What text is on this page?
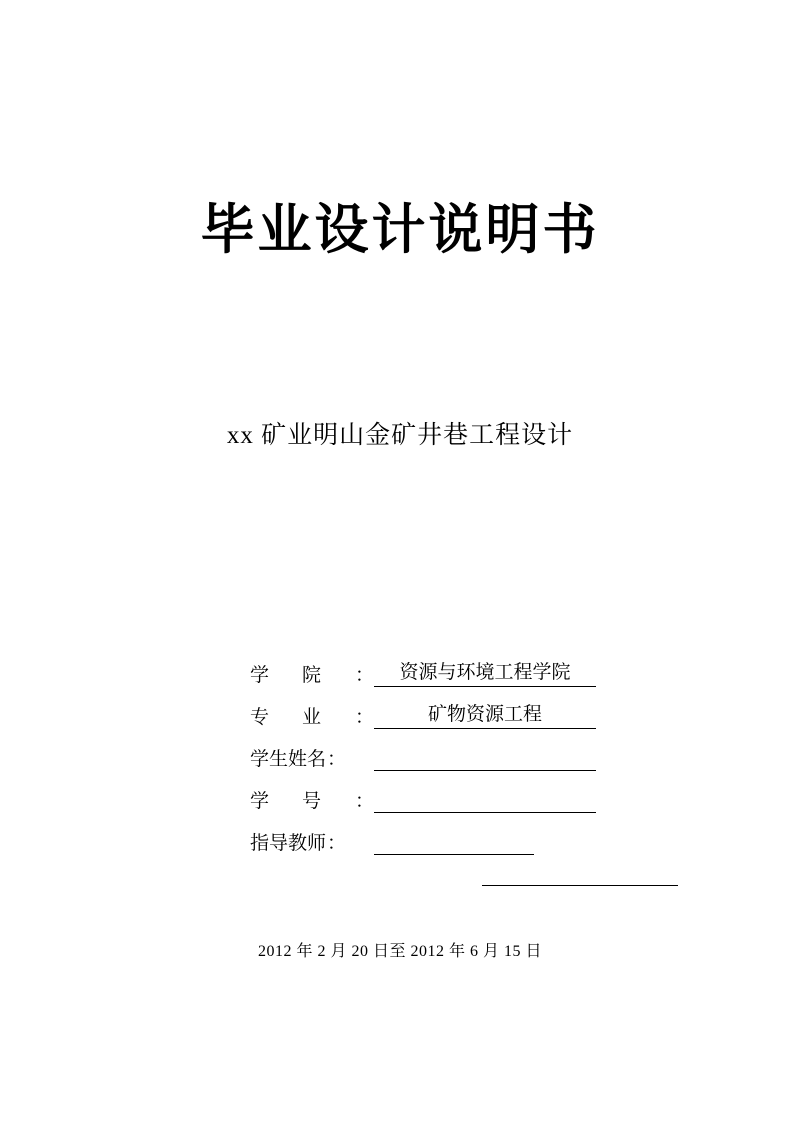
毕业设计说明书
xx 矿业明山金矿井巷工程设计
学 院 ：	资源与环境工程学院
专 业 ：	矿物资源工程
学生姓名 ：
学 号 ：
指导教师 ：
2012 年 2 月 20 日至 2012 年 6 月 15 日
